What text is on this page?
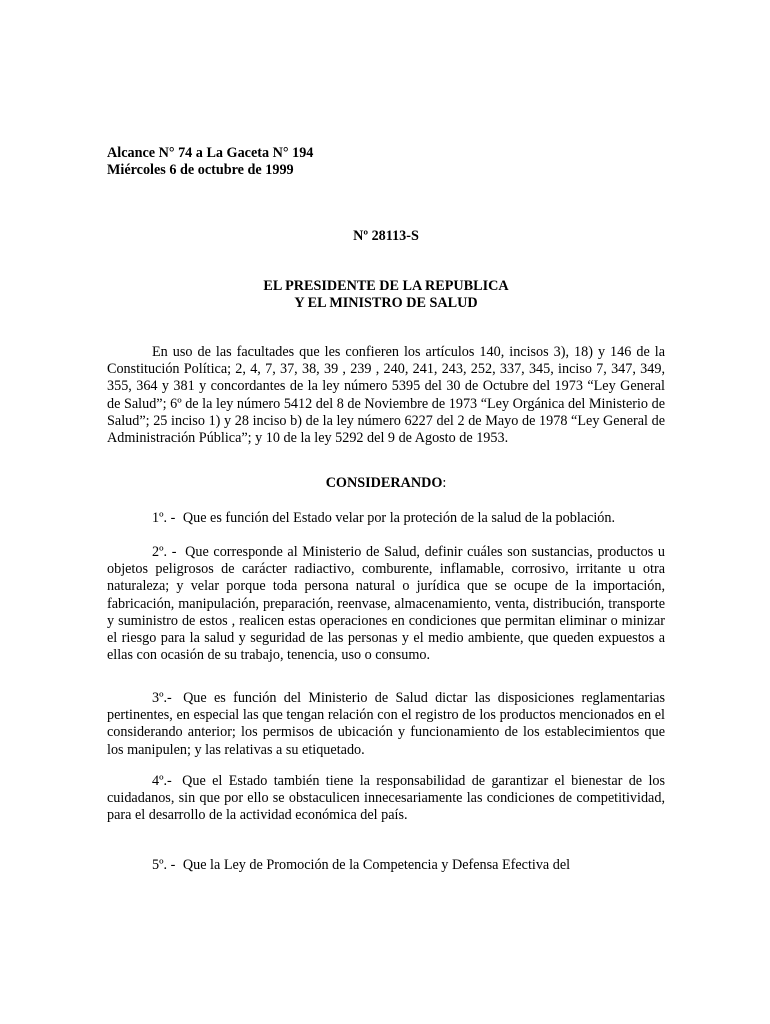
Alcance N° 74 a La Gaceta N° 194
Miércoles 6 de octubre de 1999
Nº 28113-S
EL PRESIDENTE DE LA REPUBLICA
Y EL MINISTRO DE SALUD
En uso de las facultades que les confieren los artículos 140, incisos 3), 18) y 146 de la Constitución Política; 2, 4, 7, 37, 38, 39 , 239 , 240, 241, 243, 252, 337, 345, inciso 7, 347, 349, 355, 364 y 381 y concordantes de la ley número 5395 del 30 de Octubre del 1973 “Ley General de Salud”; 6º de la ley número 5412 del 8 de Noviembre de 1973 “Ley Orgánica del Ministerio de Salud”; 25 inciso 1) y 28 inciso b) de la ley número 6227 del 2 de Mayo de 1978 “Ley General de Administración Pública”; y 10 de la ley 5292 del 9 de Agosto de 1953.
CONSIDERANDO:
1º. - Que es función del Estado velar por la proteción de la salud de la población.
2º. - Que corresponde al Ministerio de Salud, definir cuáles son sustancias, productos u objetos peligrosos de carácter radiactivo, comburente, inflamable, corrosivo, irritante u otra naturaleza; y velar porque toda persona natural o jurídica que se ocupe de la importación, fabricación, manipulación, preparación, reenvase, almacenamiento, venta, distribución, transporte y suministro de estos , realicen estas operaciones en condiciones que permitan eliminar o minizar el riesgo para la salud y seguridad de las personas y el medio ambiente, que queden expuestos a ellas con ocasión de su trabajo, tenencia, uso o consumo.
3º.- Que es función del Ministerio de Salud dictar las disposiciones reglamentarias pertinentes, en especial las que tengan relación con el registro de los productos mencionados en el considerando anterior; los permisos de ubicación y funcionamiento de los establecimientos que los manipulen; y las relativas a su etiquetado.
4º.- Que el Estado también tiene la responsabilidad de garantizar el bienestar de los cuidadanos, sin que por ello se obstaculicen innecesariamente las condiciones de competitividad, para el desarrollo de la actividad económica del país.
5º. - Que la Ley de Promoción de la Competencia y Defensa Efectiva del
